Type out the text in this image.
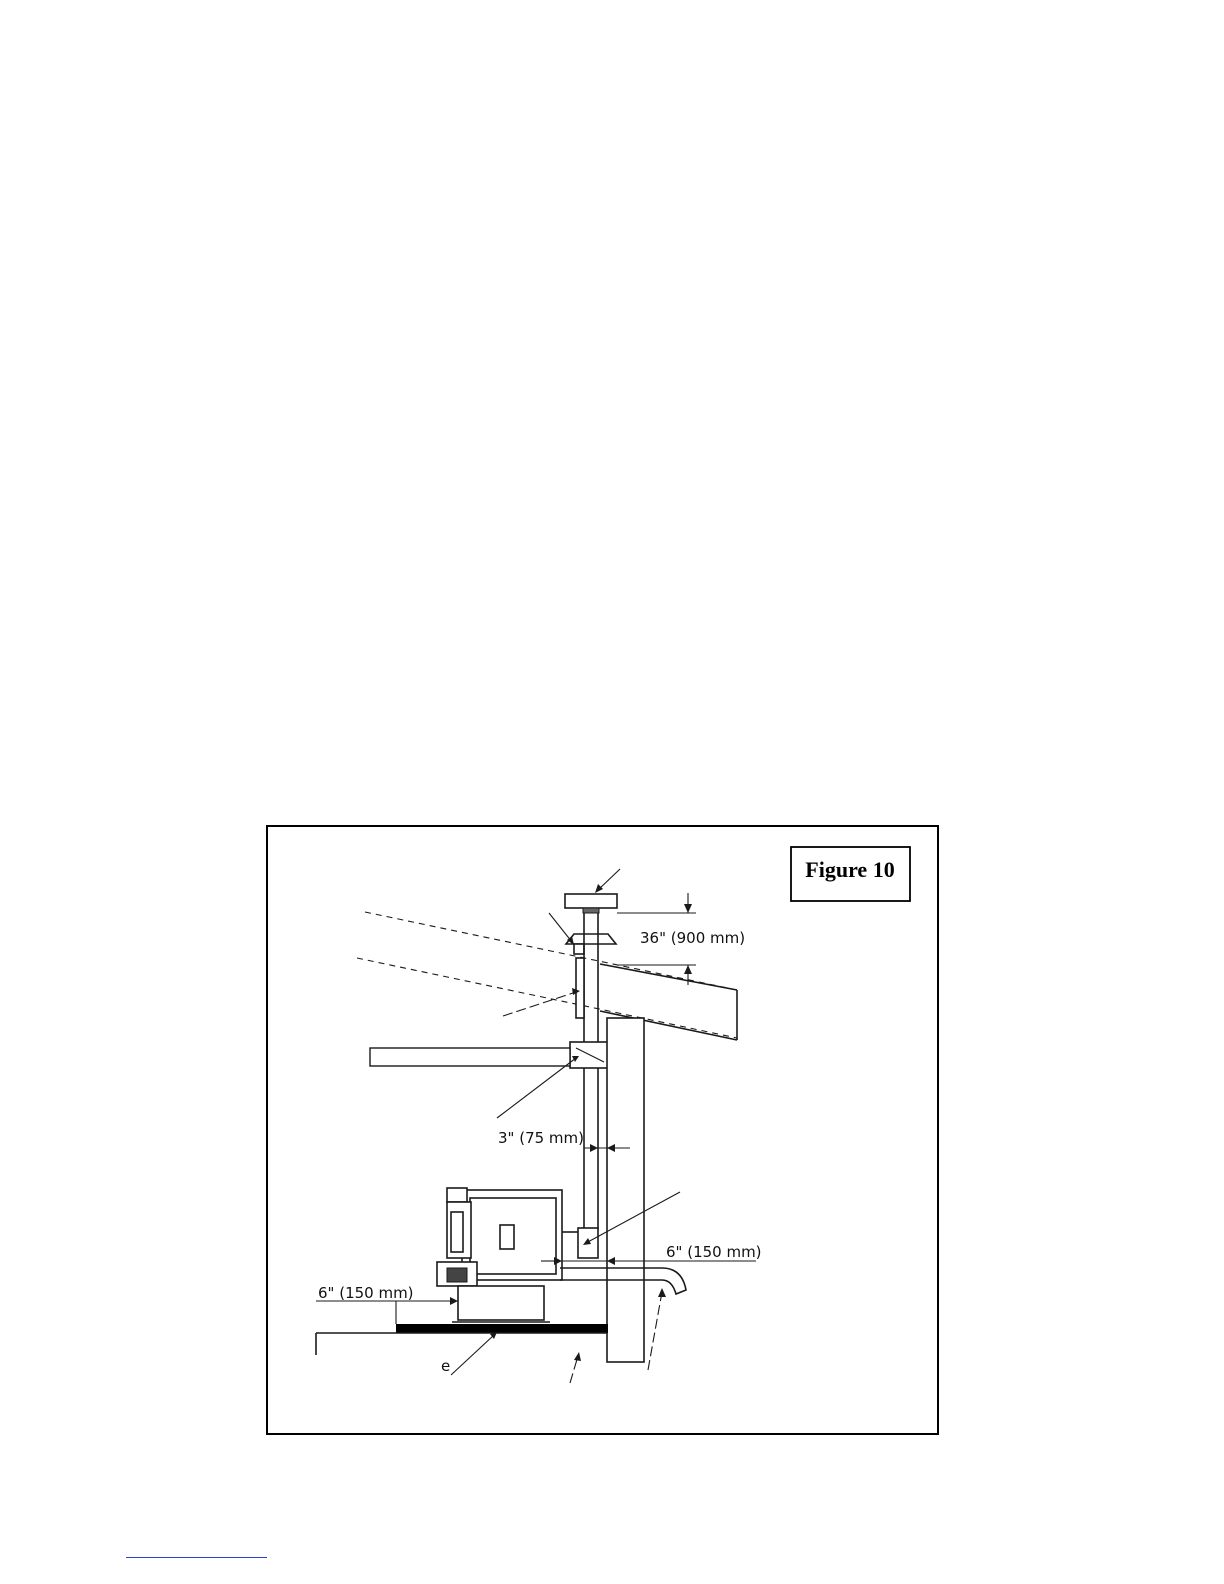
Figure 10
36" (900 mm)
3" (75 mm)
6" (150 mm)
6" (150 mm)
e
